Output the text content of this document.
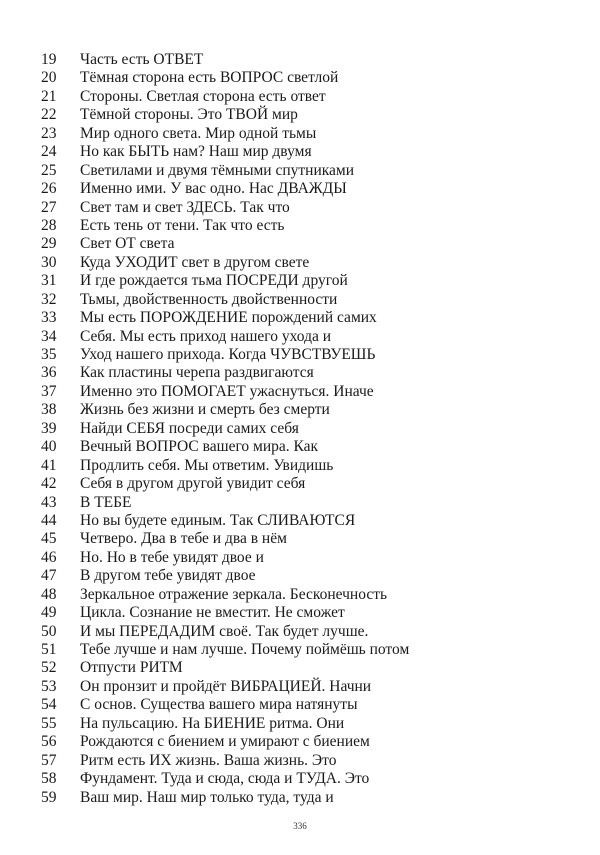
19	Часть есть ОТВЕТ
20	Тёмная сторона есть ВОПРОС светлой
21	Стороны. Светлая сторона есть ответ
22	Тёмной стороны. Это ТВОЙ мир
23	Мир одного света. Мир одной тьмы
24	Но как БЫТЬ нам? Наш мир двумя
25	Светилами и двумя тёмными спутниками
26	Именно ими. У вас одно. Нас ДВАЖДЫ
27	Свет там и свет ЗДЕСЬ. Так что
28	Есть тень от тени. Так что есть
29	Свет ОТ света
30	Куда УХОДИТ свет в другом свете
31	И где рождается тьма ПОСРЕДИ другой
32	Тьмы, двойственность двойственности
33	Мы есть ПОРОЖДЕНИЕ порождений самих
34	Себя. Мы есть приход нашего ухода и
35	Уход нашего прихода. Когда ЧУВСТВУЕШЬ
36	Как пластины черепа раздвигаются
37	Именно это ПОМОГАЕТ ужаснуться. Иначе
38	Жизнь без жизни и смерть без смерти
39	Найди СЕБЯ посреди самих себя
40	Вечный ВОПРОС вашего мира. Как
41	Продлить себя. Мы ответим. Увидишь
42	Себя в другом другой увидит себя
43	В ТЕБЕ
44	Но вы будете единым. Так СЛИВАЮТСЯ
45	Четверо. Два в тебе и два в нём
46	Но. Но в тебе увидят двое и
47	В другом тебе увидят двое
48	Зеркальное отражение зеркала. Бесконечность
49	Цикла. Сознание не вместит. Не сможет
50	И мы ПЕРЕДАДИМ своё. Так будет лучше.
51	Тебе лучше и нам лучше. Почему поймёшь потом
52	Отпусти РИТМ
53	Он пронзит и пройдёт ВИБРАЦИЕЙ. Начни
54	С основ. Существа вашего мира натянуты
55	На пульсацию. На БИЕНИЕ ритма. Они
56	Рождаются с биением и умирают с биением
57	Ритм есть ИХ жизнь. Ваша жизнь. Это
58	Фундамент. Туда и сюда, сюда и ТУДА. Это
59	Ваш мир. Наш мир только туда, туда и
336
